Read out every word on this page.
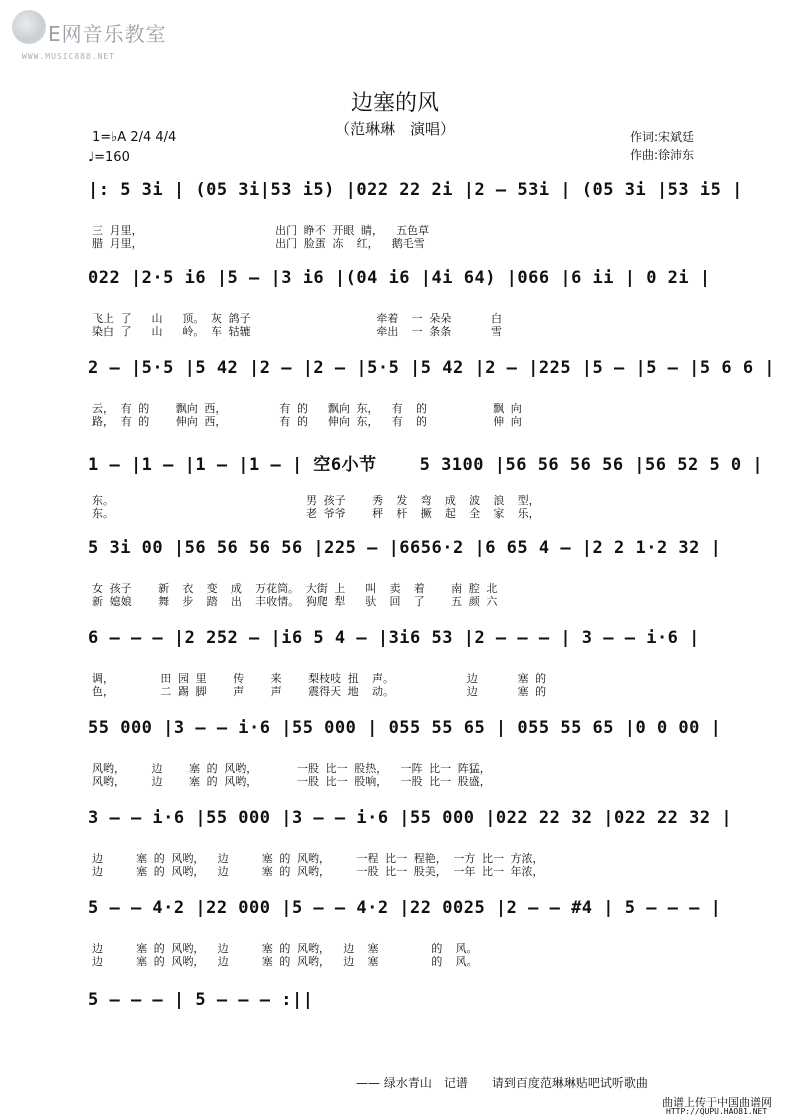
E网音乐教室
WWW.MUSIC888.NET
边塞的风
（范琳琳　演唱）	作词:宋斌廷
作曲:徐沛东
1=♭A 2/4 4/4
♩=160
|: 5 3i | (05 3i|53 i5) |022 22 2i |2 — 53i | (05 3i |53 i5 |
三 月里，                    出门 睁不 开眼 睛，  五色草
腊 月里，                    出门 脸蛋 冻  红，  鹅毛雪
022 |2·5 i6 |5 — |3 i6 |(04 i6 |4i 64) |066 |6 ii | 0 2i |
飞上 了   山   顶。 灰 鸽子                   牵着  一 朵朵      白
染白 了   山   岭。 车 轱辘                   牵出  一 条条      雪
2 — |5·5 |5 42 |2 — |2 — |5·5 |5 42 |2 — |225 |5 — |5 — |5 6 6 |
云， 有 的    飘向 西，        有 的   飘向 东，  有  的          飘 向
路， 有 的    伸向 西，        有 的   伸向 东，  有  的          伸 向
1 — |1 — |1 — |1 — | 空6小节    5 3100 |56 56 56 56 |56 52 5 0 |
东。                             男 孩子    秀  发  弯  成  波  浪  型，
东。                             老 爷爷    秤  杆  撅  起  全  家  乐，
5 3i 00 |56 56 56 56 |225 — |6656·2 |6 65 4 — |2 2 1·2 32 |
女 孩子    新  衣  变  成  万花筒。 大街 上   叫  卖  着    南 腔 北
新 媳娘    舞  步  踏  出  丰收情。 狗爬 犁   驮  回  了    五 颜 六
6 — — — |2 252 — |i6 5 4 — |3i6 53 |2 — — — | 3 — — i·6 |
调，       田 园 里    传    来    梨枝吱 扭  声。           边      塞 的
色，       二 踢 脚    声    声    震得天 地  动。           边      塞 的
55 000 |3 — — i·6 |55 000 | 055 55 65 | 055 55 65 |0 0 00 |
风哟，    边    塞 的 风哟，      一股 比一 股热，  一阵 比一 阵猛，
风哟，    边    塞 的 风哟，      一股 比一 股响，  一股 比一 股盛，
3 — — i·6 |55 000 |3 — — i·6 |55 000 |022 22 32 |022 22 32 |
边     塞 的 风哟，  边     塞 的 风哟，    一程 比一 程艳， 一方 比一 方浓，
边     塞 的 风哟，  边     塞 的 风哟，    一股 比一 股美， 一年 比一 年浓，
5 — — 4·2 |22 000 |5 — — 4·2 |22 0025 |2 — — #4 | 5 — — — |
边     塞 的 风哟，  边     塞 的 风哟，  边  塞        的  风。
边     塞 的 风哟，  边     塞 的 风哟，  边  塞        的  风。
5 — — — | 5 — — — :||
—— 绿水青山　记谱　　请到百度范琳琳贴吧试听歌曲
曲谱上传于中国曲谱网
HTTP://QUPU.HAO81.NET
